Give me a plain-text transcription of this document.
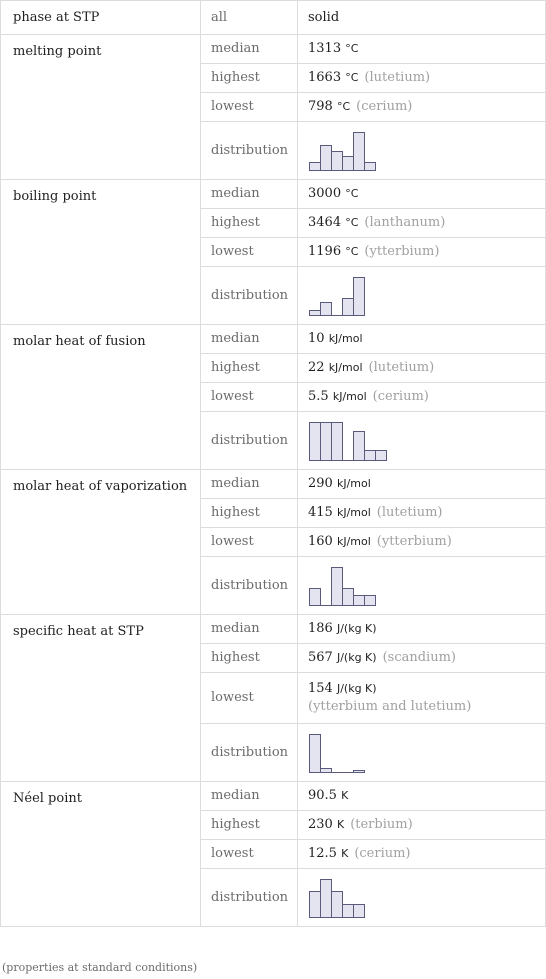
phase at STP	all	solid
melting point	median	1313 °C
	highest	1663 °C (lutetium)
	lowest	798 °C (cerium)
	distribution	

boiling point	median	3000 °C
	highest	3464 °C (lanthanum)
	lowest	1196 °C (ytterbium)
	distribution	

molar heat of fusion	median	10 kJ/mol
	highest	22 kJ/mol (lutetium)
	lowest	5.5 kJ/mol (cerium)
	distribution	

molar heat of vaporization	median	290 kJ/mol
	highest	415 kJ/mol (lutetium)
	lowest	160 kJ/mol (ytterbium)
	distribution	

specific heat at STP	median	186 J/(kg K)
	highest	567 J/(kg K) (scandium)
	lowest	154 J/(kg K)
(ytterbium and lutetium)

	distribution	

Néel point	median	90.5 K
	highest	230 K (terbium)
	lowest	12.5 K (cerium)
	distribution	
(properties at standard conditions)
